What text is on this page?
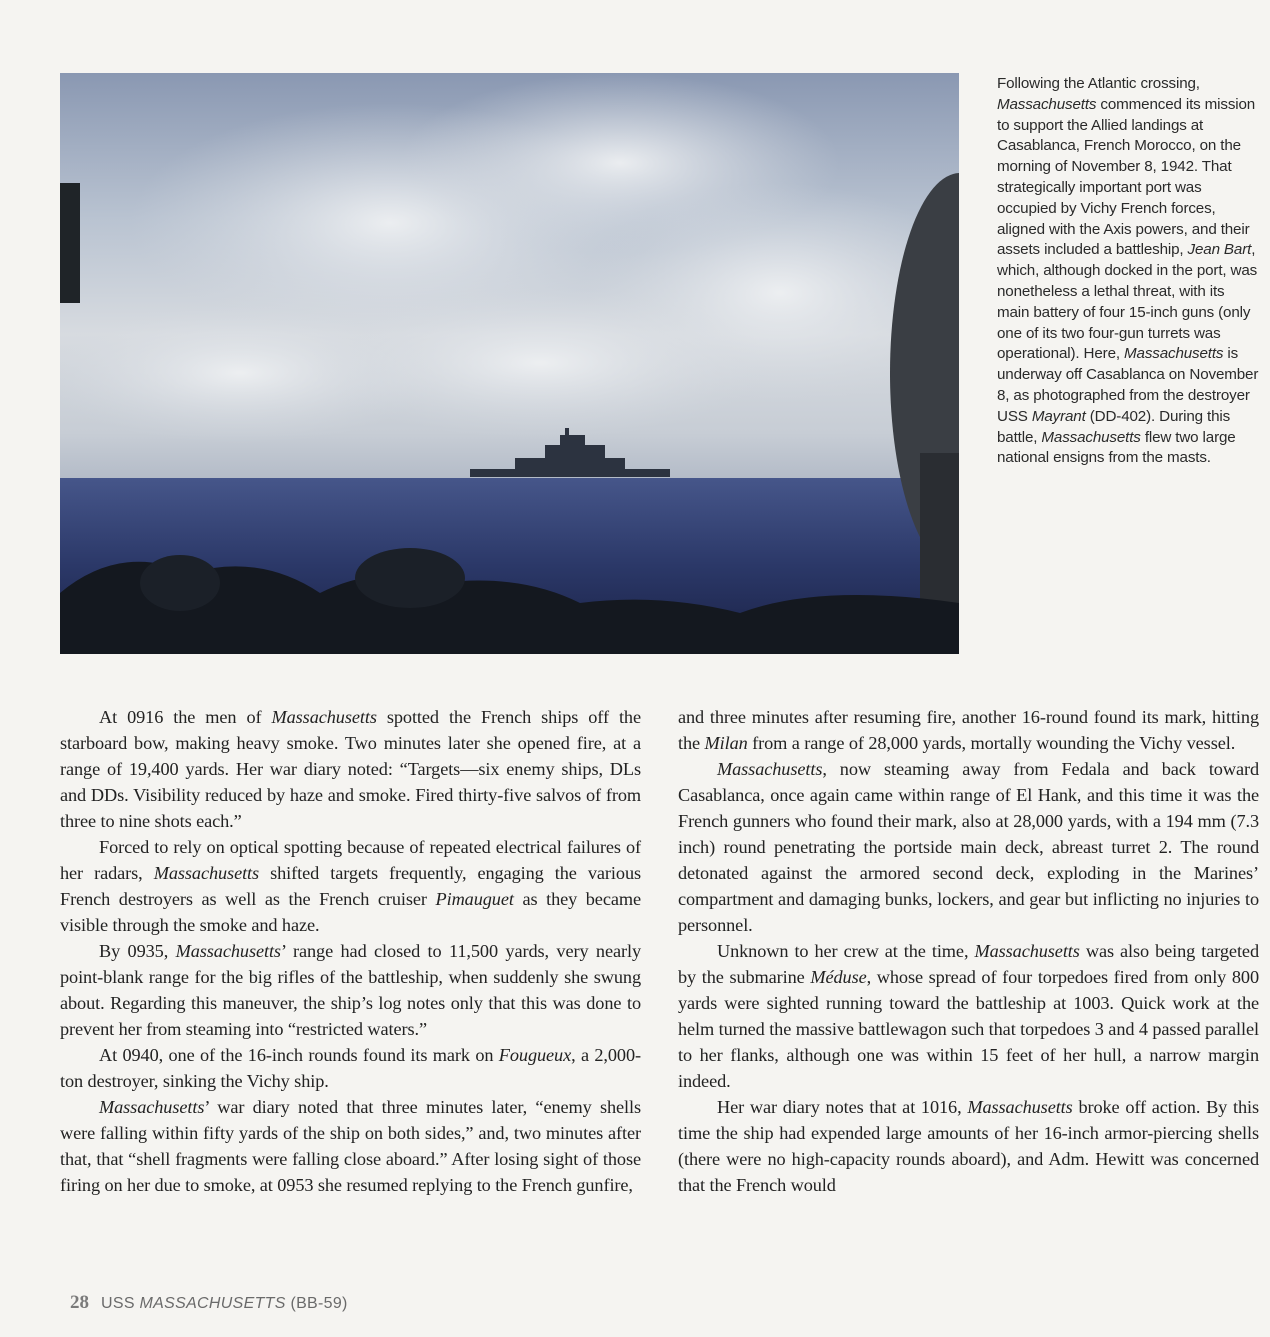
Following the Atlantic crossing, Massachusetts commenced its mission to support the Allied landings at Casablanca, French Morocco, on the morning of November 8, 1942. That strategically important port was occupied by Vichy French forces, aligned with the Axis powers, and their assets included a battleship, Jean Bart, which, although docked in the port, was nonetheless a lethal threat, with its main battery of four 15-inch guns (only one of its two four-gun turrets was operational). Here, Massachusetts is underway off Casablanca on November 8, as photographed from the destroyer USS Mayrant (DD-402). During this battle, Massachusetts flew two large national ensigns from the masts.

At 0916 the men of Massachusetts spotted the French ships off the starboard bow, making heavy smoke. Two minutes later she opened fire, at a range of 19,400 yards. Her war diary noted: “Targets—six enemy ships, DLs and DDs. Visibility reduced by haze and smoke. Fired thirty-five salvos of from three to nine shots each.”

Forced to rely on optical spotting because of repeated electrical failures of her radars, Massachusetts shifted targets frequently, engaging the various French destroyers as well as the French cruiser Pimauguet as they became visible through the smoke and haze.

By 0935, Massachusetts’ range had closed to 11,500 yards, very nearly point-blank range for the big rifles of the battleship, when suddenly she swung about. Regarding this maneuver, the ship’s log notes only that this was done to prevent her from steaming into “restricted waters.”

At 0940, one of the 16-inch rounds found its mark on Fougueux, a 2,000-ton destroyer, sinking the Vichy ship.

Massachusetts’ war diary noted that three minutes later, “enemy shells were falling within fifty yards of the ship on both sides,” and, two minutes after that, that “shell fragments were falling close aboard.” After losing sight of those firing on her due to smoke, at 0953 she resumed replying to the French gunfire,

and three minutes after resuming fire, another 16-round found its mark, hitting the Milan from a range of 28,000 yards, mortally wounding the Vichy vessel.

Massachusetts, now steaming away from Fedala and back toward Casablanca, once again came within range of El Hank, and this time it was the French gunners who found their mark, also at 28,000 yards, with a 194 mm (7.3 inch) round penetrating the portside main deck, abreast turret 2. The round detonated against the armored second deck, exploding in the Marines’ compartment and damaging bunks, lockers, and gear but inflicting no injuries to personnel.

Unknown to her crew at the time, Massachusetts was also being targeted by the submarine Méduse, whose spread of four torpedoes fired from only 800 yards were sighted running toward the battleship at 1003. Quick work at the helm turned the massive battlewagon such that torpedoes 3 and 4 passed parallel to her flanks, although one was within 15 feet of her hull, a narrow margin indeed.

Her war diary notes that at 1016, Massachusetts broke off action. By this time the ship had expended large amounts of her 16-inch armor-piercing shells (there were no high-capacity rounds aboard), and Adm. Hewitt was concerned that the French would

28 USS MASSACHUSETTS (BB-59)
